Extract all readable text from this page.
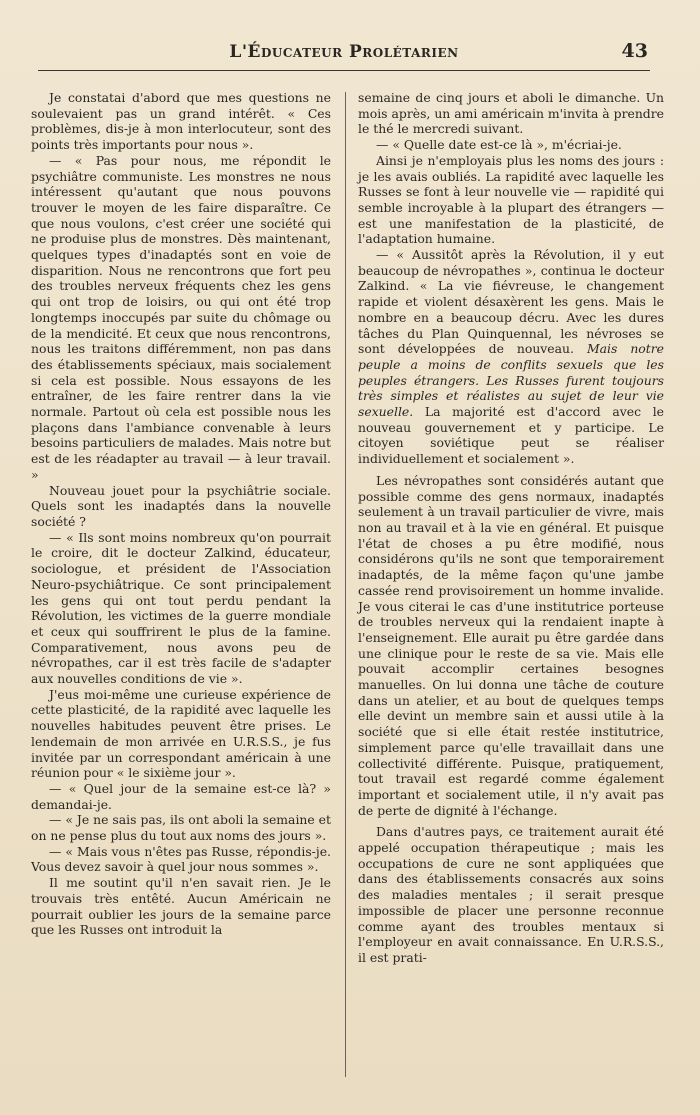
L'Éducateur Prolétarien	43

Je constatai d'abord que mes questions ne soulevaient pas un grand intérêt. « Ces problèmes, dis-je à mon interlocuteur, sont des points très importants pour nous ».

— « Pas pour nous, me répondit le psychiâtre communiste. Les monstres ne nous intéressent qu'autant que nous pouvons trouver le moyen de les faire disparaître. Ce que nous voulons, c'est créer une société qui ne produise plus de monstres. Dès maintenant, quelques types d'inadaptés sont en voie de disparition. Nous ne rencontrons que fort peu des troubles nerveux fréquents chez les gens qui ont trop de loisirs, ou qui ont été trop longtemps inoccupés par suite du chômage ou de la mendicité. Et ceux que nous rencontrons, nous les traitons différemment, non pas dans des établissements spéciaux, mais socialement si cela est possible. Nous essayons de les entraîner, de les faire rentrer dans la vie normale. Partout où cela est possible nous les plaçons dans l'ambiance convenable à leurs besoins particuliers de malades. Mais notre but est de les réadapter au travail — à leur travail. »

Nouveau jouet pour la psychiâtrie sociale. Quels sont les inadaptés dans la nouvelle société ?

— « Ils sont moins nombreux qu'on pourrait le croire, dit le docteur Zalkind, éducateur, sociologue, et président de l'Association Neuro-psychiâtrique. Ce sont principalement les gens qui ont tout perdu pendant la Révolution, les victimes de la guerre mondiale et ceux qui souffrirent le plus de la famine. Comparativement, nous avons peu de névropathes, car il est très facile de s'adapter aux nouvelles conditions de vie ».

J'eus moi-même une curieuse expérience de cette plasticité, de la rapidité avec laquelle les nouvelles habitudes peuvent être prises. Le lendemain de mon arrivée en U.R.S.S., je fus invitée par un correspondant américain à une réunion pour « le sixième jour ».

— « Quel jour de la semaine est-ce là? » demandai-je.

— « Je ne sais pas, ils ont aboli la semaine et on ne pense plus du tout aux noms des jours ».

— « Mais vous n'êtes pas Russe, répondis-je. Vous devez savoir à quel jour nous sommes ».

Il me soutint qu'il n'en savait rien. Je le trouvais très entêté. Aucun Américain ne pourrait oublier les jours de la semaine parce que les Russes ont introduit la

semaine de cinq jours et aboli le dimanche. Un mois après, un ami américain m'invita à prendre le thé le mercredi suivant.

— « Quelle date est-ce là », m'écriai-je.

Ainsi je n'employais plus les noms des jours : je les avais oubliés. La rapidité avec laquelle les Russes se font à leur nouvelle vie — rapidité qui semble incroyable à la plupart des étrangers — est une manifestation de la plasticité, de l'adaptation humaine.

— « Aussitôt après la Révolution, il y eut beaucoup de névropathes », continua le docteur Zalkind. « La vie fiévreuse, le changement rapide et violent désaxèrent les gens. Mais le nombre en a beaucoup décru. Avec les dures tâches du Plan Quinquennal, les névroses se sont développées de nouveau. Mais notre peuple a moins de conflits sexuels que les peuples étrangers. Les Russes furent toujours très simples et réalistes au sujet de leur vie sexuelle. La majorité est d'accord avec le nouveau gouvernement et y participe. Le citoyen soviétique peut se réaliser individuellement et socialement ».

Les névropathes sont considérés autant que possible comme des gens normaux, inadaptés seulement à un travail particulier de vivre, mais non au travail et à la vie en général. Et puisque l'état de choses a pu être modifié, nous considérons qu'ils ne sont que temporairement inadaptés, de la même façon qu'une jambe cassée rend provisoirement un homme invalide. Je vous citerai le cas d'une institutrice porteuse de troubles nerveux qui la rendaient inapte à l'enseignement. Elle aurait pu être gardée dans une clinique pour le reste de sa vie. Mais elle pouvait accomplir certaines besognes manuelles. On lui donna une tâche de couture dans un atelier, et au bout de quelques temps elle devint un membre sain et aussi utile à la société que si elle était restée institutrice, simplement parce qu'elle travaillait dans une collectivité différente. Puisque, pratiquement, tout travail est regardé comme également important et socialement utile, il n'y avait pas de perte de dignité à l'échange.

Dans d'autres pays, ce traitement aurait été appelé occupation thérapeutique ; mais les occupations de cure ne sont appliquées que dans des établissements consacrés aux soins des maladies mentales ; il serait presque impossible de placer une personne reconnue comme ayant des troubles mentaux si l'employeur en avait connaissance. En U.R.S.S., il est prati-
